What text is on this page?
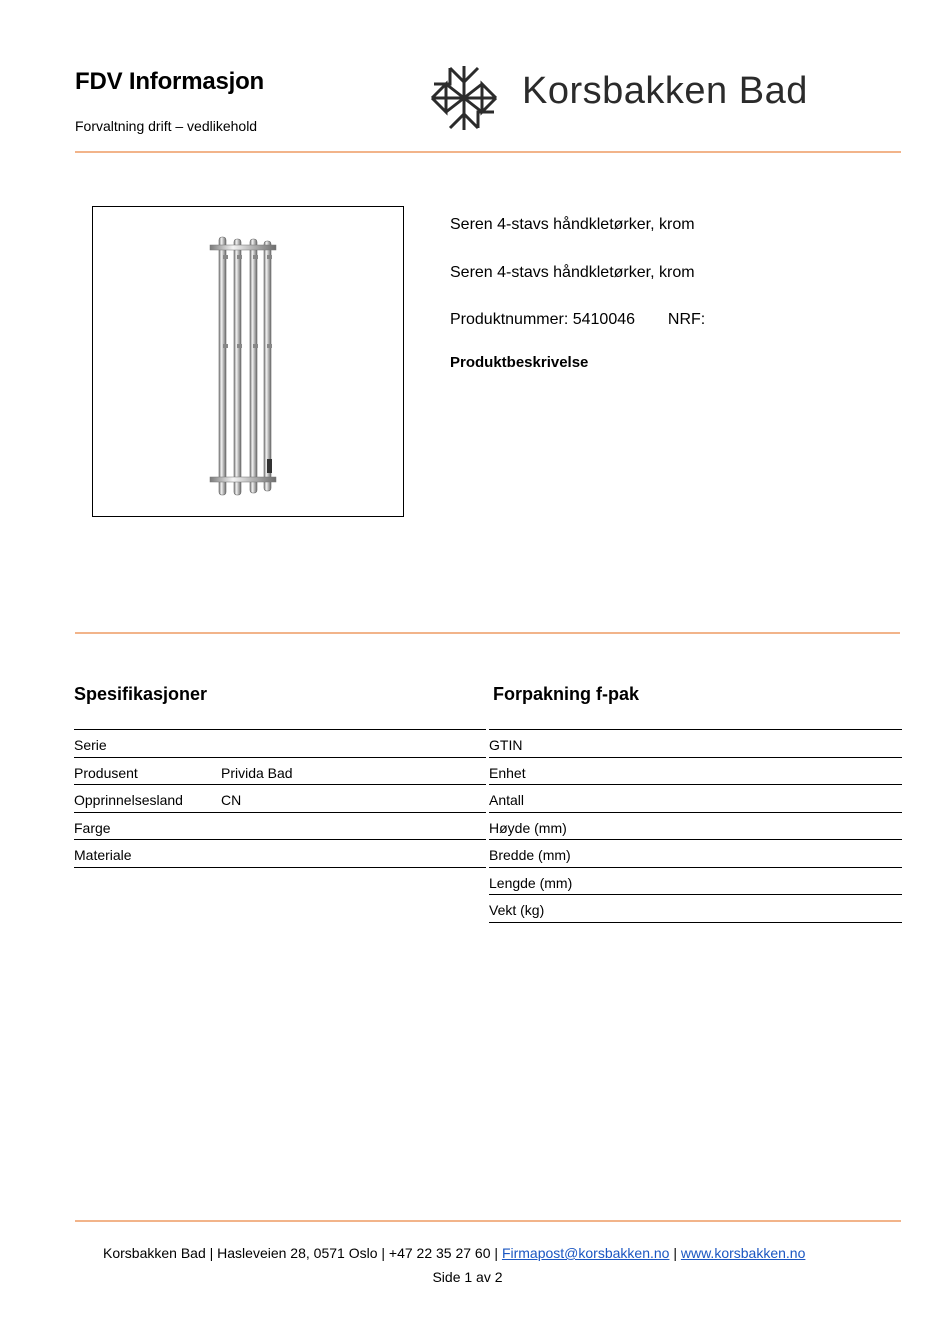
FDV Informasjon
Forvaltning drift – vedlikehold
Korsbakken Bad
Seren 4-stavs håndkletørker, krom
Seren 4-stavs håndkletørker, krom
Produktnummer: 5410046 NRF:
Produktbeskrivelse
Spesifikasjoner
Serie
Produsent	Privida Bad
Opprinnelsesland	CN
Farge
Materiale
Forpakning f-pak
GTIN
Enhet
Antall
Høyde (mm)
Bredde (mm)
Lengde (mm)
Vekt (kg)
Korsbakken Bad | Hasleveien 28, 0571 Oslo | +47 22 35 27 60 | Firmapost@korsbakken.no | www.korsbakken.no
Side 1 av 2
